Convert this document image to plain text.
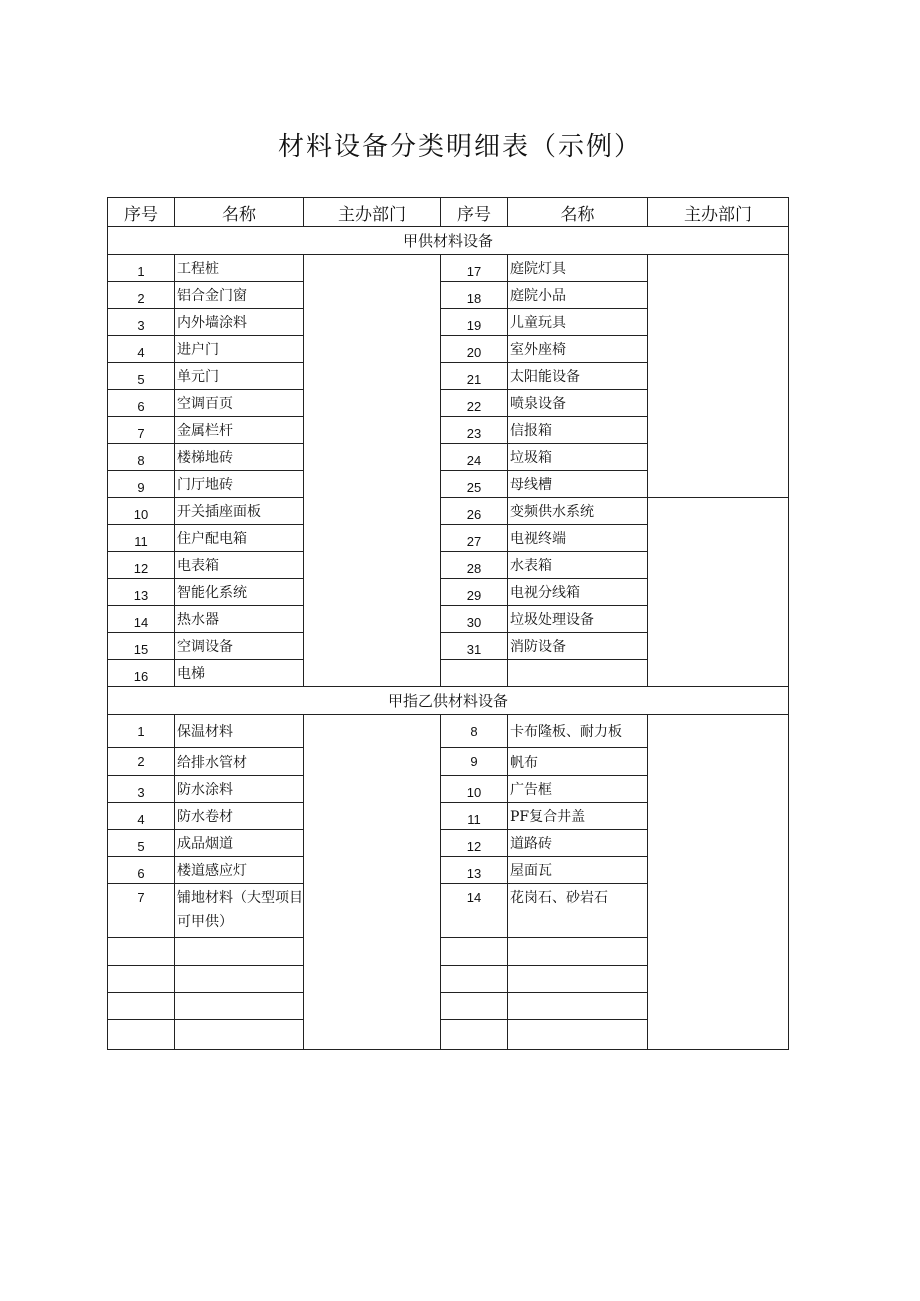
材料设备分类明细表（示例）
序号	名称	主办部门	序号	名称	主办部门
甲供材料设备					
1	工程桩		17	庭院灯具	
2	铝合金门窗		18	庭院小品	
3	内外墙涂料		19	儿童玩具	
4	进户门		20	室外座椅	
5	单元门		21	太阳能设备	
6	空调百页		22	喷泉设备	
7	金属栏杆		23	信报箱	
8	楼梯地砖		24	垃圾箱	
9	门厅地砖		25	母线槽	
10	开关插座面板		26	变频供水系统	
11	住户配电箱		27	电视终端	
12	电表箱		28	水表箱	
13	智能化系统		29	电视分线箱	
14	热水器		30	垃圾处理设备	
15	空调设备		31	消防设备	
16	电梯				
甲指乙供材料设备					
1	保温材料		8	卡布隆板、耐力板	
2	给排水管材		9	帆布	
3	防水涂料		10	广告框	
4	防水卷材		11	PF复合井盖	
5	成品烟道		12	道路砖	
6	楼道感应灯		13	屋面瓦	
7	铺地材料（大型项目可甲供）		14	花岗石、砂岩石	
